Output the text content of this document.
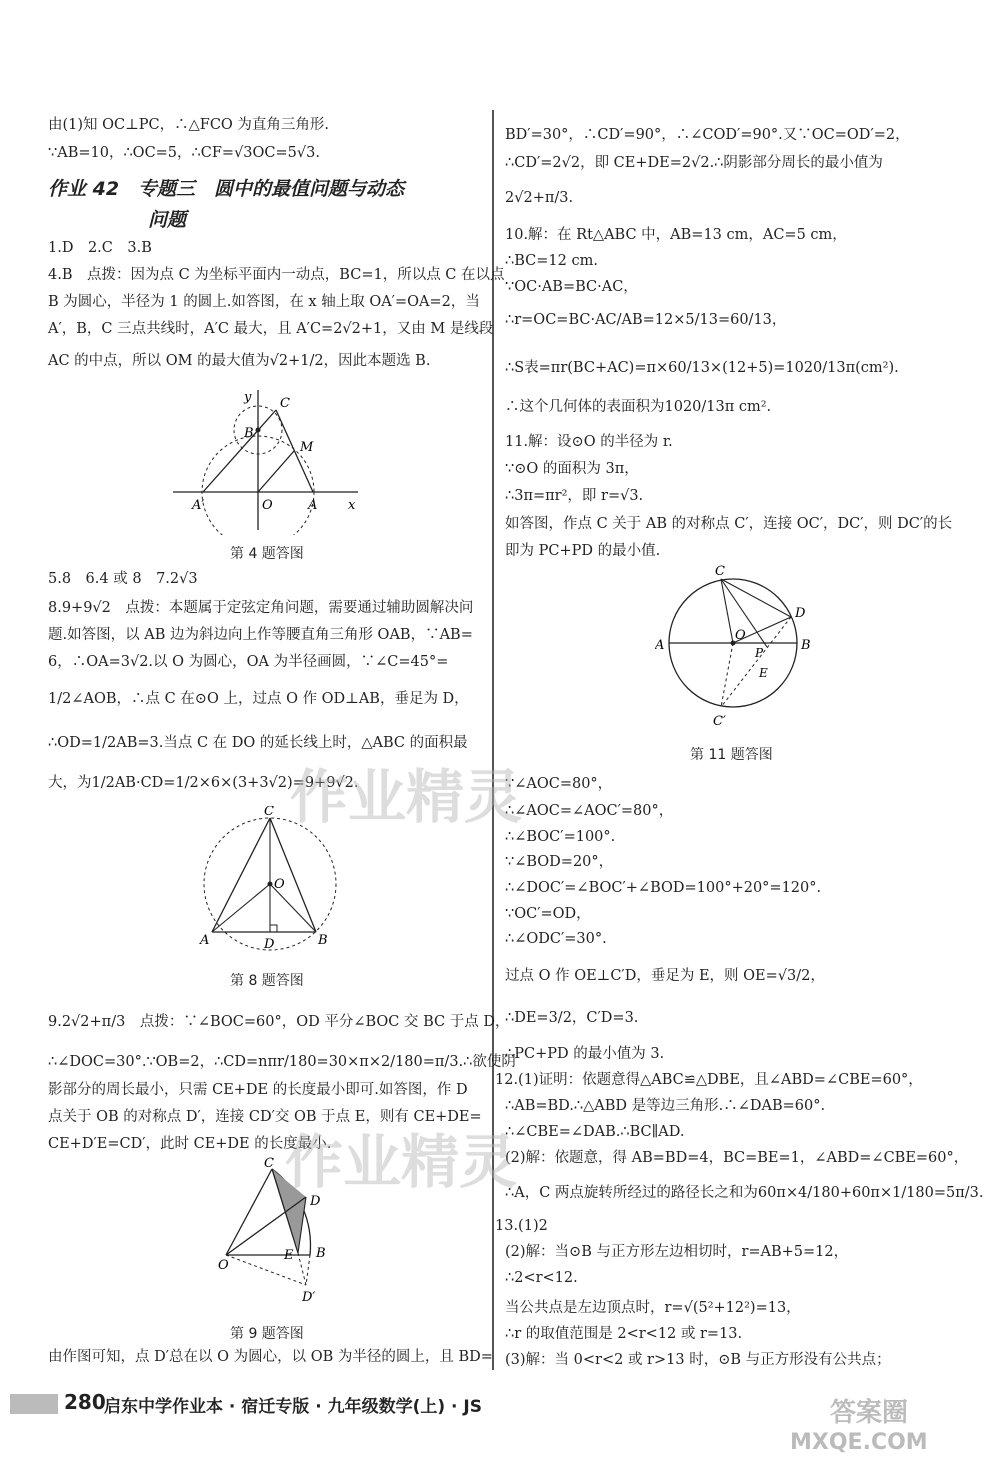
由(1)知 OC⊥PC，∴△FCO 为直角三角形.
∵AB=10，∴OC=5，∴CF=√3OC=5√3.
作业 42　专题三　圆中的最值问题与动态
问题
1.D　2.C　3.B
4.B　点拨：因为点 C 为坐标平面内一动点，BC=1，所以点 C 在以点
B 为圆心，半径为 1 的圆上.如答图，在 x 轴上取 OA′=OA=2，当
A′，B，C 三点共线时，A′C 最大，且 A′C=2√2+1，又由 M 是线段
AC 的中点，所以 OM 的最大值为√2+1/2，因此本题选 B.
y C
B
M
A′	O	A x
第 4 题答图
5.8　6.4 或 8　7.2√3
8.9+9√2　点拨：本题属于定弦定角问题，需要通过辅助圆解决问
题.如答图，以 AB 边为斜边向上作等腰直角三角形 OAB，∵AB=
6，∴OA=3√2.以 O 为圆心，OA 为半径画圆，∵∠C=45°=
1/2∠AOB，∴点 C 在⊙O 上，过点 O 作 OD⊥AB，垂足为 D，
∴OD=1/2AB=3.当点 C 在 DO 的延长线上时，△ABC 的面积最
大，为1/2AB·CD=1/2×6×(3+3√2)=9+9√2.
C
O
A	D	B
第 8 题答图
9.2√2+π/3　点拨：∵∠BOC=60°，OD 平分∠BOC 交 BC 于点 D，
∴∠DOC=30°.∵OB=2，∴CD=nπr/180=30×π×2/180=π/3.∴欲使阴
影部分的周长最小，只需 CE+DE 的长度最小即可.如答图，作 D
点关于 OB 的对称点 D′，连接 CD′交 OB 于点 E，则有 CE+DE=
CE+D′E=CD′，此时 CE+DE 的长度最小.
C
D
O
E B
D′
第 9 题答图
由作图可知，点 D′总在以 O 为圆心，以 OB 为半径的圆上，且 BD=
BD′=30°，∴CD′=90°，∴∠COD′=90°.又∵OC=OD′=2，
∴CD′=2√2，即 CE+DE=2√2.∴阴影部分周长的最小值为
2√2+π/3.
10.解：在 Rt△ABC 中，AB=13 cm，AC=5 cm，
∴BC=12 cm.
∵OC·AB=BC·AC，
∴r=OC=BC·AC/AB=12×5/13=60/13，
∴S表=πr(BC+AC)=π×60/13×(12+5)=1020/13π(cm²).
∴这个几何体的表面积为1020/13π cm².
11.解：设⊙O 的半径为 r.
∵⊙O 的面积为 3π，
∴3π=πr²，即 r=√3.
如答图，作点 C 关于 AB 的对称点 C′，连接 OC′，DC′，则 DC′的长
即为 PC+PD 的最小值.
C
D
A
O
B
P
E
C′
第 11 题答图
∵∠AOC=80°，
∴∠AOC=∠AOC′=80°，
∴∠BOC′=100°.
∵∠BOD=20°，
∴∠DOC′=∠BOC′+∠BOD=100°+20°=120°.
∵OC′=OD，
∴∠ODC′=30°.
过点 O 作 OE⊥C′D，垂足为 E，则 OE=√3/2，
∴DE=3/2，C′D=3.
∴PC+PD 的最小值为 3.
12.(1)证明：依题意得△ABC≌△DBE，且∠ABD=∠CBE=60°，
∴AB=BD.∴△ABD 是等边三角形.∴∠DAB=60°.
∴∠CBE=∠DAB.∴BC∥AD.
(2)解：依题意，得 AB=BD=4，BC=BE=1，∠ABD=∠CBE=60°，
∴A，C 两点旋转所经过的路径长之和为60π×4/180+60π×1/180=5π/3.
13.(1)2
(2)解：当⊙B 与正方形左边相切时，r=AB+5=12，
∴2<r<12.
当公共点是左边顶点时，r=√(5²+12²)=13，
∴r 的取值范围是 2<r<12 或 r=13.
(3)解：当 0<r<2 或 r>13 时，⊙B 与正方形没有公共点；
作业精灵
作业精灵
答案圈
MXQE.COM
280
启东中学作业本 · 宿迁专版 · 九年级数学(上) · JS
